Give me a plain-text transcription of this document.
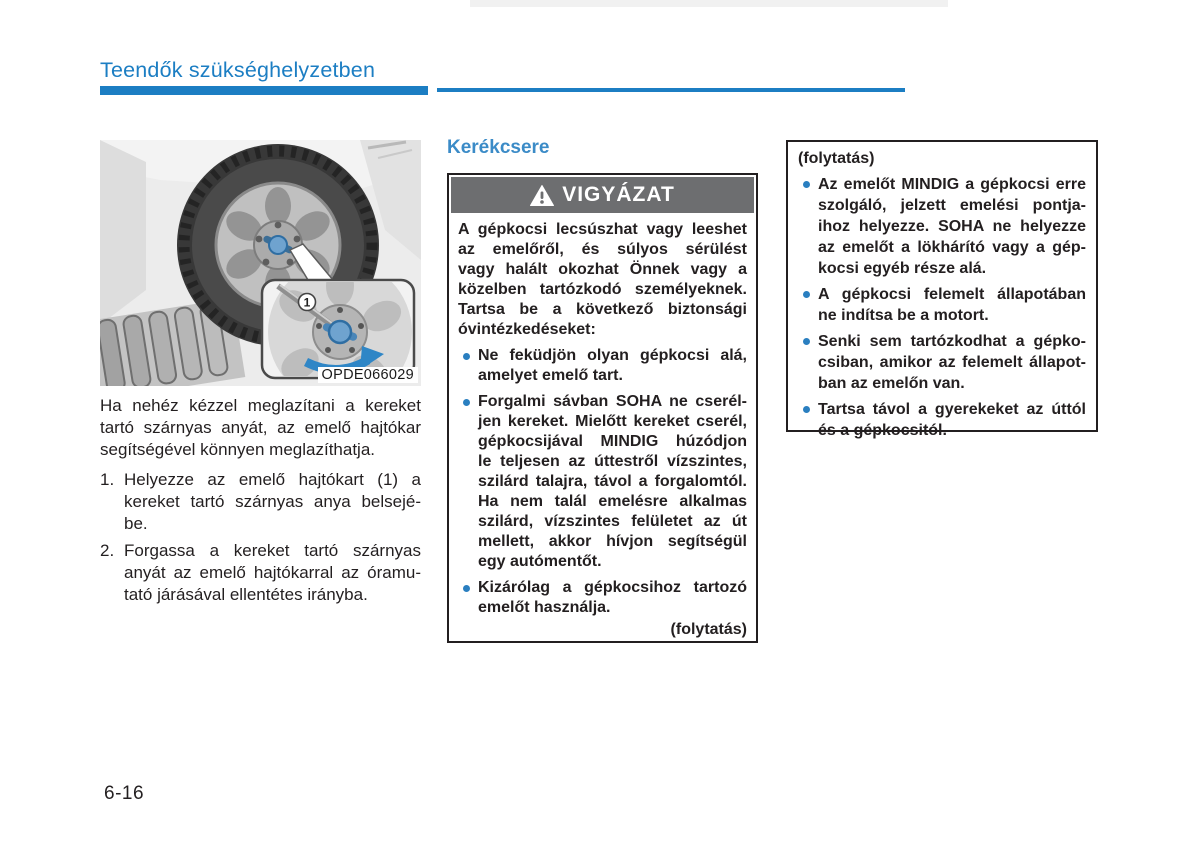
Teendők szükséghelyzetben
1
OPDE066029
Ha nehéz kézzel meglazítani a kereket
tartó szárnyas anyát, az emelő hajtókar
segítségével könnyen meglazíthatja.
1. Helyezze az emelő hajtókart (1) a
kereket tartó szárnyas anya belsejé-
be.
2. Forgassa a kereket tartó szárnyas
anyát az emelő hajtókarral az óramu-
tató járásával ellentétes irányba.
Kerékcsere
VIGYÁZAT
A gépkocsi lecsúszhat vagy leeshet
az emelőről, és súlyos sérülést
vagy halált okozhat Önnek vagy a
közelben tartózkodó személyeknek.
Tartsa be a következő biztonsági
óvintézkedéseket:
Ne feküdjön olyan gépkocsi alá,
amelyet emelő tart.
Forgalmi sávban SOHA ne cserél-
jen kereket. Mielőtt kereket cserél,
gépkocsijával MINDIG húzódjon
le teljesen az úttestről vízszintes,
szilárd talajra, távol a forgalomtól.
Ha nem talál emelésre alkalmas
szilárd, vízszintes felületet az út
mellett, akkor hívjon segítségül
egy autómentőt.
Kizárólag a gépkocsihoz tartozó
emelőt használja.
(folytatás)
(folytatás)
Az emelőt MINDIG a gépkocsi erre
szolgáló, jelzett emelési pontja-
ihoz helyezze. SOHA ne helyezze
az emelőt a lökhárító vagy a gép-
kocsi egyéb része alá.
A gépkocsi felemelt állapotában
ne indítsa be a motort.
Senki sem tartózkodhat a gépko-
csiban, amikor az felemelt állapot-
ban az emelőn van.
Tartsa távol a gyerekeket az úttól
és a gépkocsitól.
6-16
